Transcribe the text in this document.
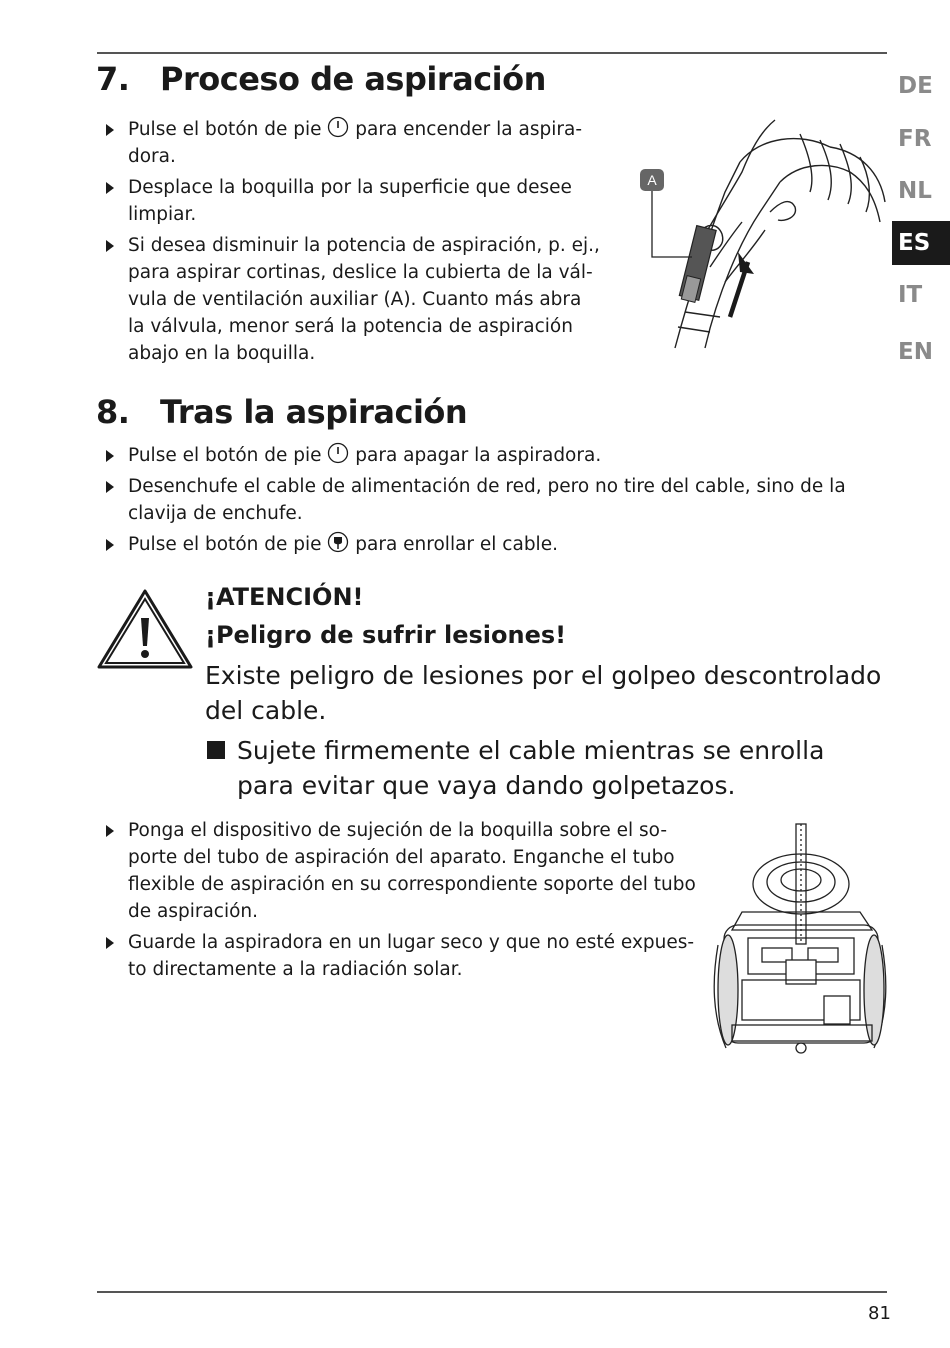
DE
FR
NL
ES
IT
EN
7. Proceso de aspiración
Pulse el botón de pie  para encender la aspira-dora.
Desplace la boquilla por la superficie que desee limpiar.
Si desea disminuir la potencia de aspiración, p. ej., para aspirar cortinas, deslice la cubierta de la vál-vula de ventilación auxiliar (A). Cuanto más abra la válvula, menor será la potencia de aspiración abajo en la boquilla.
A
8. Tras la aspiración
Pulse el botón de pie  para apagar la aspiradora.
Desenchufe el cable de alimentación de red, pero no tire del cable, sino de la clavija de enchufe.
Pulse el botón de pie  para enrollar el cable.

¡ATENCIÓN!

¡Peligro de sufrir lesiones!

Existe peligro de lesiones por el golpeo descontrolado del cable.

Sujete firmemente el cable mientras se enrolla para evitar que vaya dando golpetazos.
Ponga el dispositivo de sujeción de la boquilla sobre el so-porte del tubo de aspiración del aparato. Enganche el tubo flexible de aspiración en su correspondiente soporte del tubo de aspiración.
Guarde la aspiradora en un lugar seco y que no esté expues-to directamente a la radiación solar.
81
